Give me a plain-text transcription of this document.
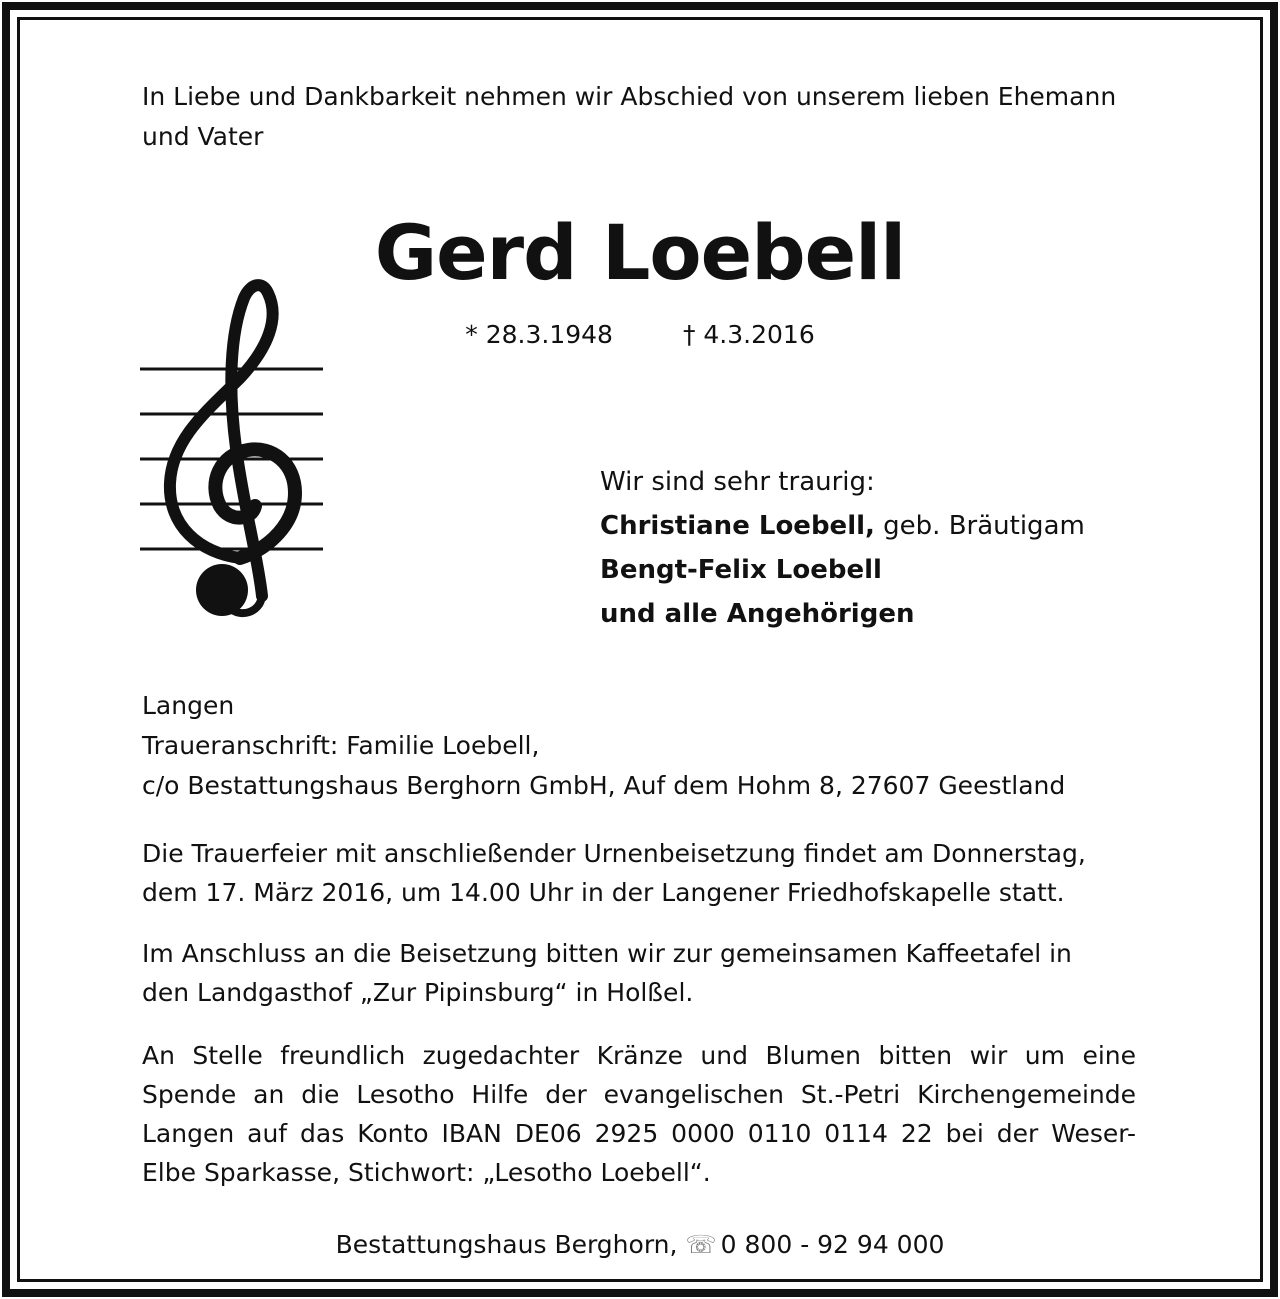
In Liebe und Dankbarkeit nehmen wir Abschied von unserem lieben Ehemann
und Vater
Gerd Loebell
* 28.3.1948	† 4.3.2016
Wir sind sehr traurig:
Christiane Loebell, geb. Bräutigam
Bengt-Felix Loebell
und alle Angehörigen
Langen
Traueranschrift: Familie Loebell,
c/o Bestattungshaus Berghorn GmbH, Auf dem Hohm 8, 27607 Geestland
Die Trauerfeier mit anschließender Urnenbeisetzung findet am Donnerstag,
dem 17. März 2016, um 14.00 Uhr in der Langener Friedhofskapelle statt.
Im Anschluss an die Beisetzung bitten wir zur gemeinsamen Kaffeetafel in
den Landgasthof „Zur Pipinsburg“ in Holßel.
An Stelle freundlich zugedachter Kränze und Blumen bitten wir um eine
Spende an die Lesotho Hilfe der evangelischen St.-Petri Kirchengemeinde
Langen auf das Konto IBAN DE06 2925 0000 0110 0114 22 bei der Weser-
Elbe Sparkasse, Stichwort: „Lesotho Loebell“.
Bestattungshaus Berghorn, ☏ 0 800 - 92 94 000
